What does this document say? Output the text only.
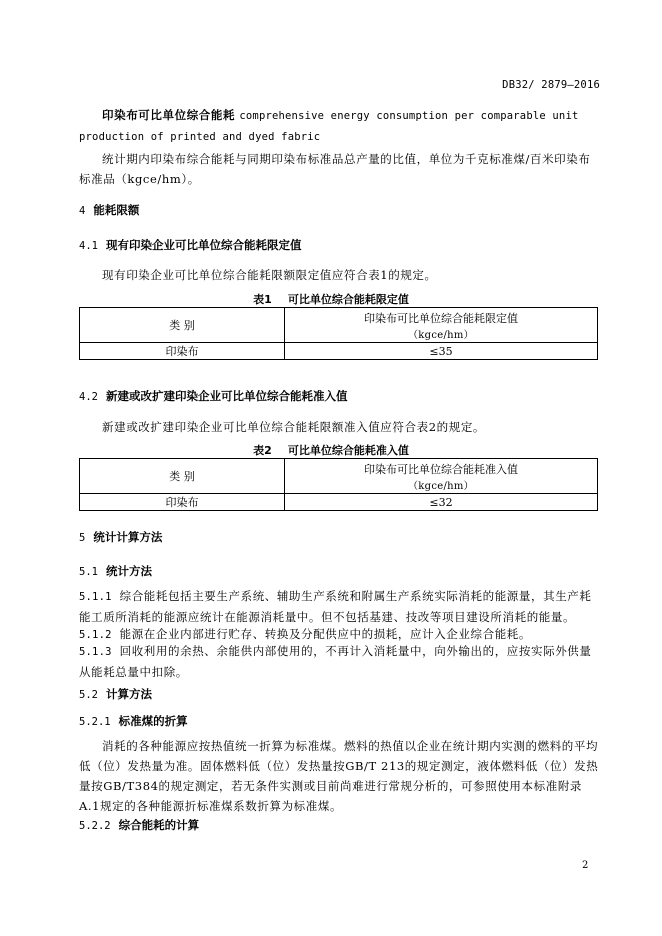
DB32/ 2879—2016
印染布可比单位综合能耗 comprehensive energy consumption per comparable unit production of printed and dyed fabric
统计期内印染布综合能耗与同期印染布标准品总产量的比值，单位为千克标准煤/百米印染布标准品（kgce/hm）。
4 能耗限额
4.1 现有印染企业可比单位综合能耗限定值
现有印染企业可比单位综合能耗限额限定值应符合表1的规定。
表1 可比单位综合能耗限定值
类 别	印染布可比单位综合能耗限定值
（kgce/hm）

印染布	≤35
4.2 新建或改扩建印染企业可比单位综合能耗准入值
新建或改扩建印染企业可比单位综合能耗限额准入值应符合表2的规定。
表2 可比单位综合能耗准入值
类 别	印染布可比单位综合能耗准入值
（kgce/hm）

印染布	≤32
5 统计计算方法
5.1 统计方法
5.1.1 综合能耗包括主要生产系统、辅助生产系统和附属生产系统实际消耗的能源量，其生产耗能工质所消耗的能源应统计在能源消耗量中。但不包括基建、技改等项目建设所消耗的能量。
5.1.2 能源在企业内部进行贮存、转换及分配供应中的损耗，应计入企业综合能耗。
5.1.3 回收利用的余热、余能供内部使用的，不再计入消耗量中，向外输出的，应按实际外供量从能耗总量中扣除。
5.2 计算方法
5.2.1 标准煤的折算
消耗的各种能源应按热值统一折算为标准煤。燃料的热值以企业在统计期内实测的燃料的平均低（位）发热量为准。固体燃料低（位）发热量按GB/T 213的规定测定，液体燃料低（位）发热量按GB/T384的规定测定，若无条件实测或目前尚难进行常规分析的，可参照使用本标准附录A.1规定的各种能源折标准煤系数折算为标准煤。
5.2.2 综合能耗的计算
2
